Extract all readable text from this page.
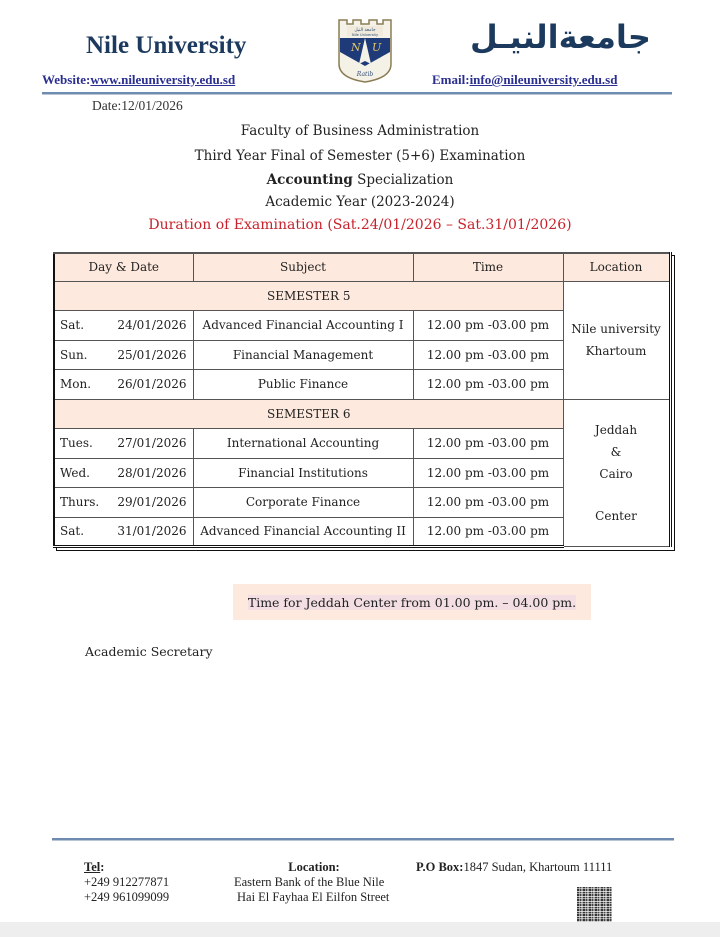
Nile University
جامعة النيل
Nile University
N U
Ratib
جامعةالنيـل
Website:www.nileuniversity.edu.sd	Email:info@nileuniversity.edu.sd
Date:12/01/2026
Faculty of Business Administration
Third Year Final of Semester (5+6) Examination
Accounting Specialization
Academic Year (2023-2024)
Duration of Examination (Sat.24/01/2026 – Sat.31/01/2026)
Day & Date	Subject	Time	Location
SEMESTER 5			Nile university
Khartoum

Sat. 24/01/2026	Advanced Financial Accounting I	12.00 pm -03.00 pm	

Sun. 25/01/2026	Financial Management	12.00 pm -03.00 pm	

Mon. 26/01/2026	Public Finance	12.00 pm -03.00 pm	
SEMESTER 6			Jeddah
&
Cairo
Center

Tues. 27/01/2026	International Accounting	12.00 pm -03.00 pm	

Wed. 28/01/2026	Financial Institutions	12.00 pm -03.00 pm	

Thurs. 29/01/2026	Corporate Finance	12.00 pm -03.00 pm	

Sat. 31/01/2026	Advanced Financial Accounting II	12.00 pm -03.00 pm	
Time for Jeddah Center from 01.00 pm. – 04.00 pm.
Academic Secretary
Tel:
+249 912277871
+249 961099099
Location:
Eastern Bank of the Blue Nile
Hai El Fayhaa El Eilfon Street
P.O Box:1847 Sudan, Khartoum 11111
